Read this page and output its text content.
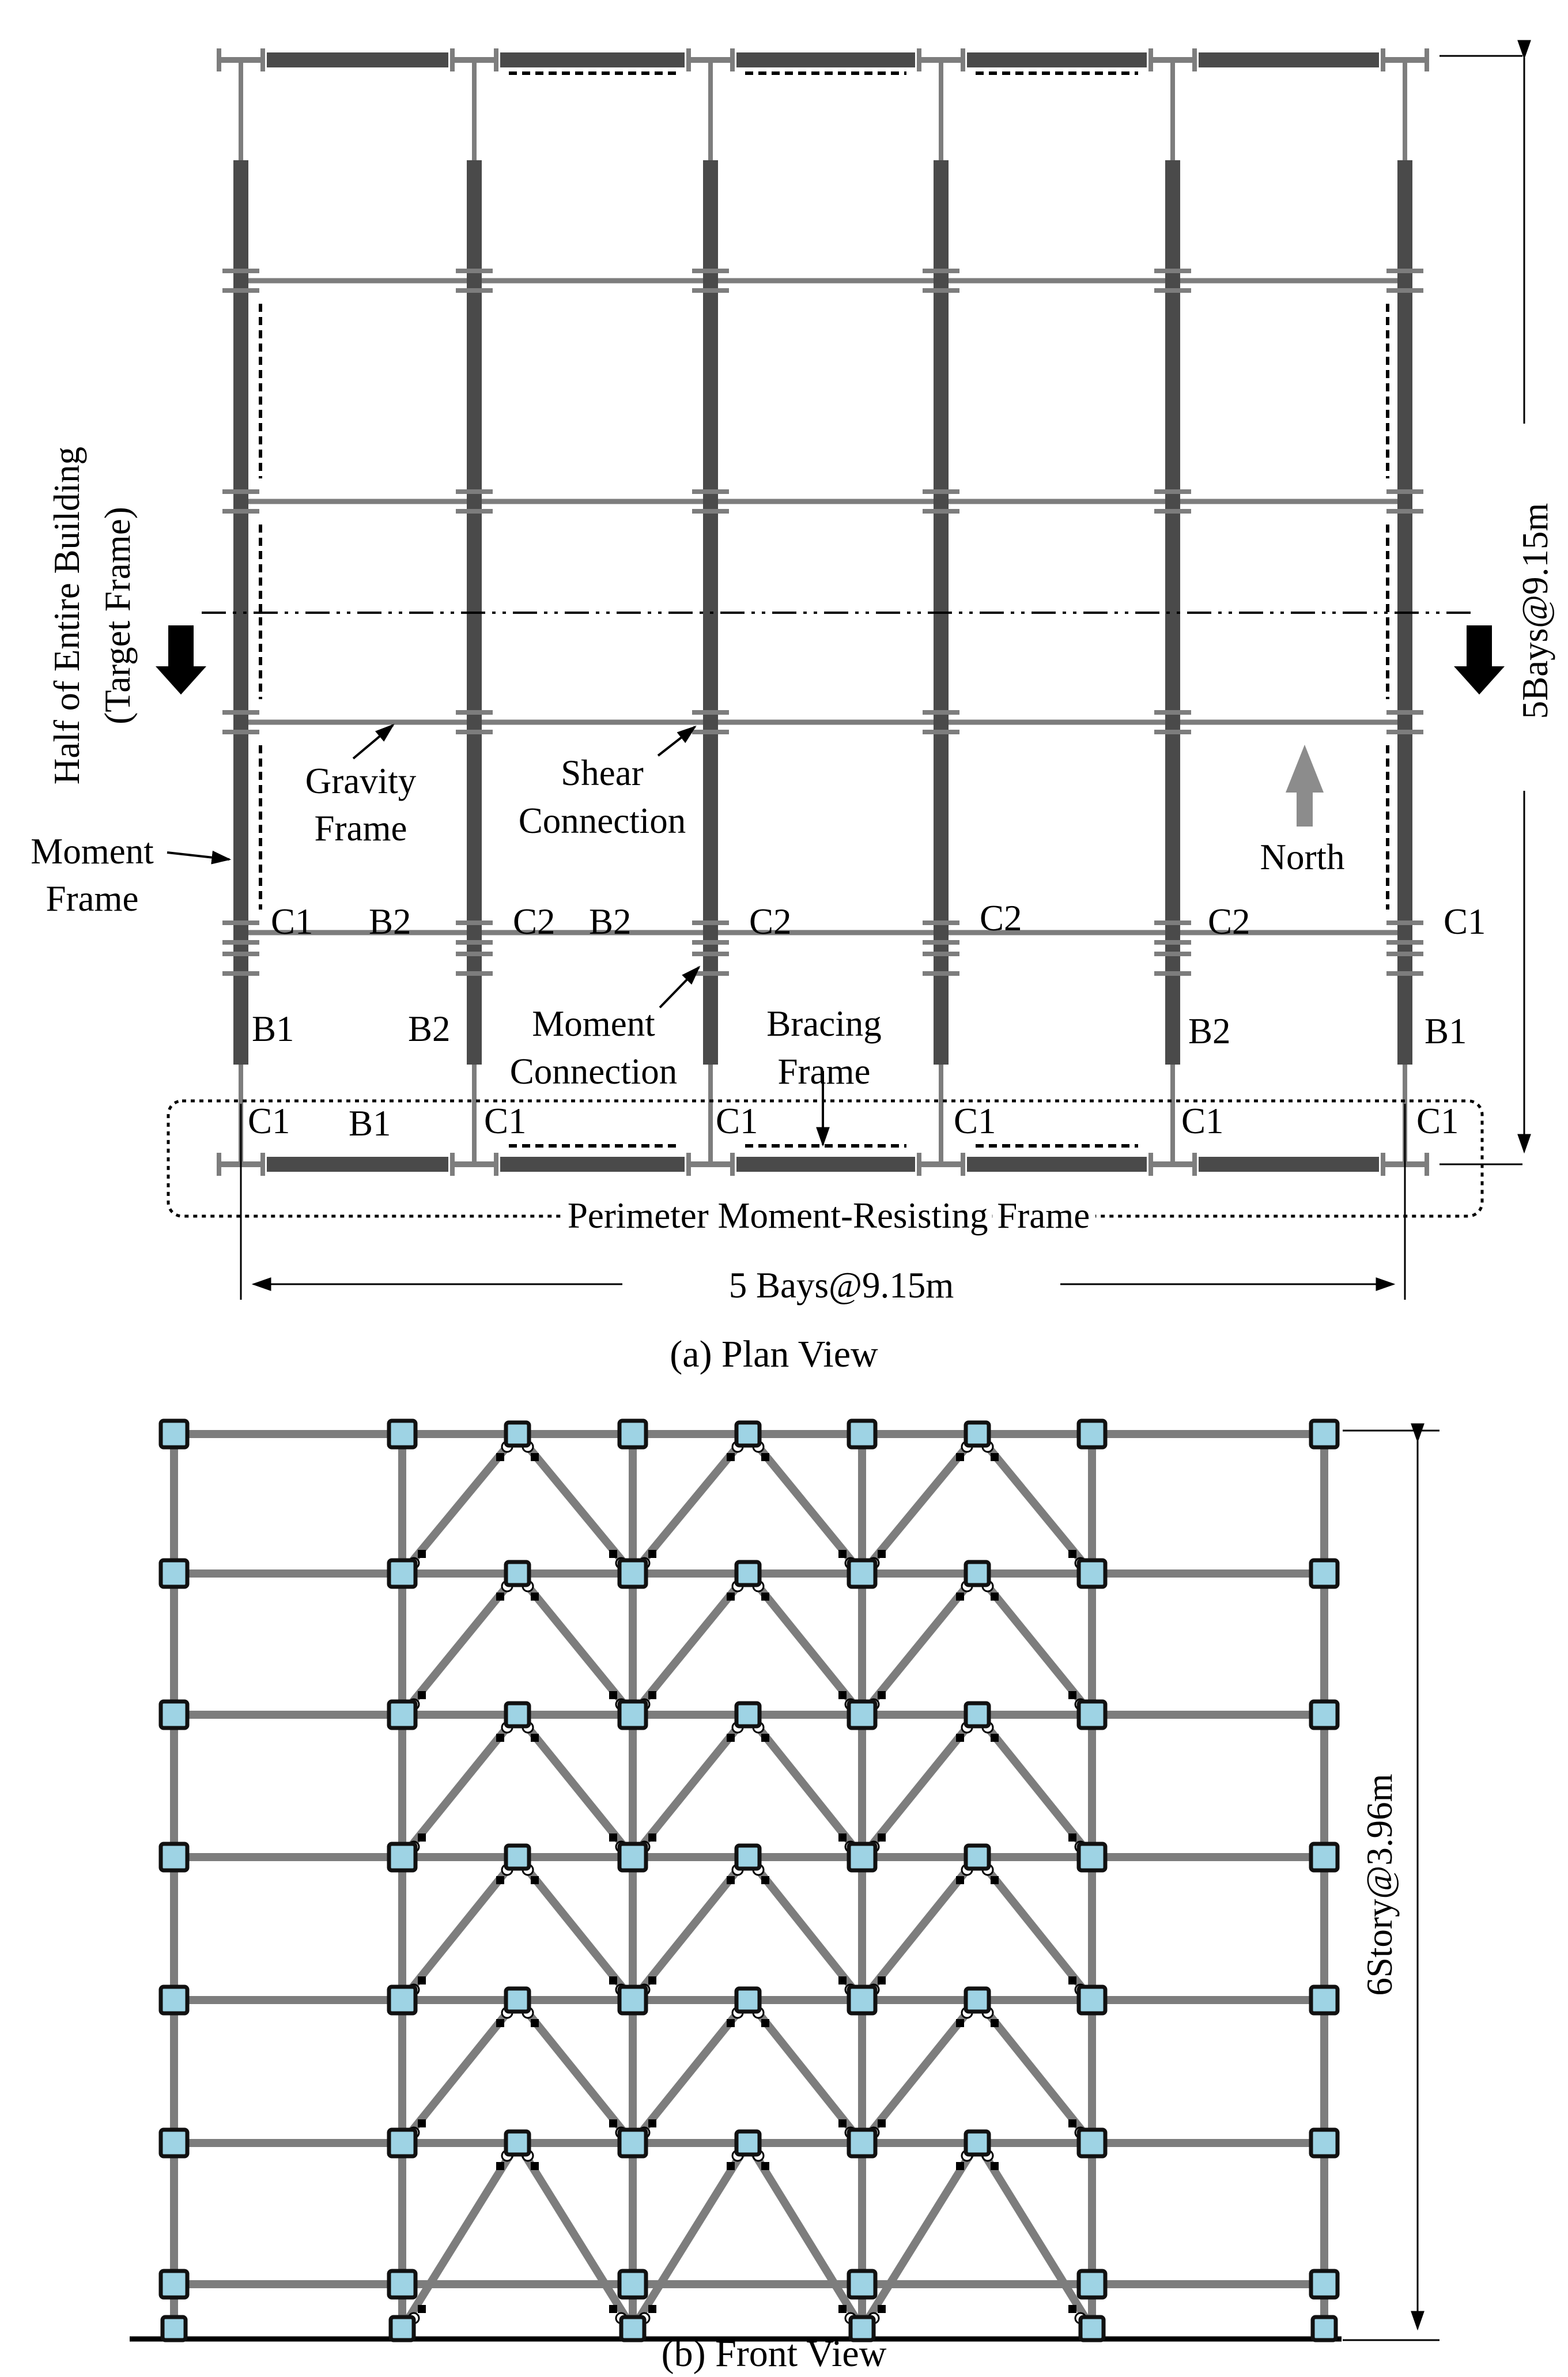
Half of Entire Building (Target Frame)	5Bays@9.15m
5 Bays@9.15m
Moment
Frame
Gravity
Frame
Shear
Connection
North
Moment
Connection
Bracing
Frame
Perimeter Moment-Resisting Frame
C1	C2	C2	C2	C2	C1
B2	B2
B1	B2	B2	B1
C1	C1	C1	C1	C1	C1
B1
(a) Plan View
6Story@3.96m
(b) Front View
